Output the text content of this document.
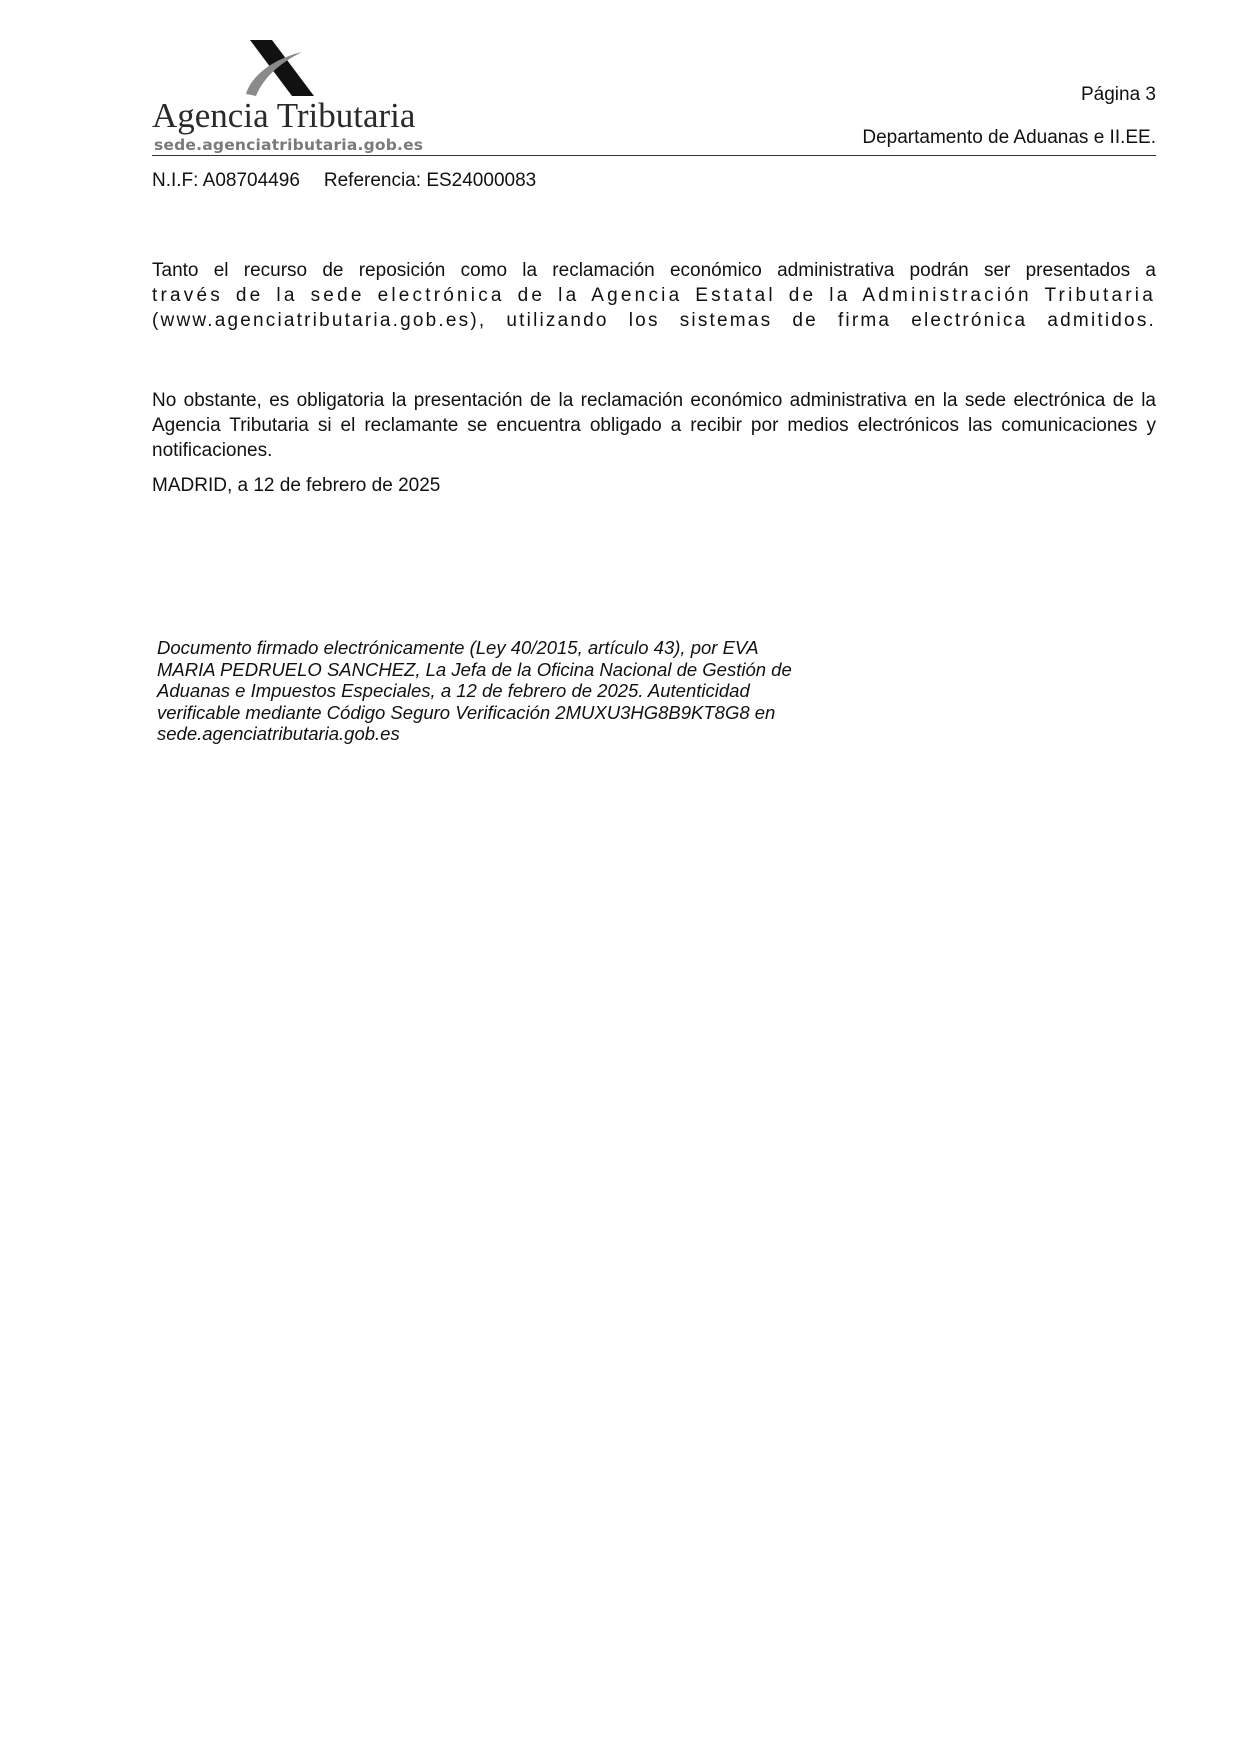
Agencia Tributaria
sede.agenciatributaria.gob.es
Página 3
Departamento de Aduanas e II.EE.
N.I.F: A08704496 Referencia: ES24000083
Tanto el recurso de reposición como la reclamación económico administrativa podrán ser presentados a
través de la sede electrónica de la Agencia Estatal de la Administración Tributaria
(www.agenciatributaria.gob.es), utilizando los sistemas de firma electrónica admitidos.
No obstante, es obligatoria la presentación de la reclamación económico administrativa en la sede electrónica de la Agencia Tributaria si el reclamante se encuentra obligado a recibir por medios electrónicos las comunicaciones y notificaciones.
MADRID, a 12 de febrero de 2025
Documento firmado electrónicamente (Ley 40/2015, artículo 43), por EVA MARIA PEDRUELO SANCHEZ, La Jefa de la Oficina Nacional de Gestión de Aduanas e Impuestos Especiales, a 12 de febrero de 2025. Autenticidad verificable mediante Código Seguro Verificación 2MUXU3HG8B9KT8G8 en sede.agenciatributaria.gob.es
